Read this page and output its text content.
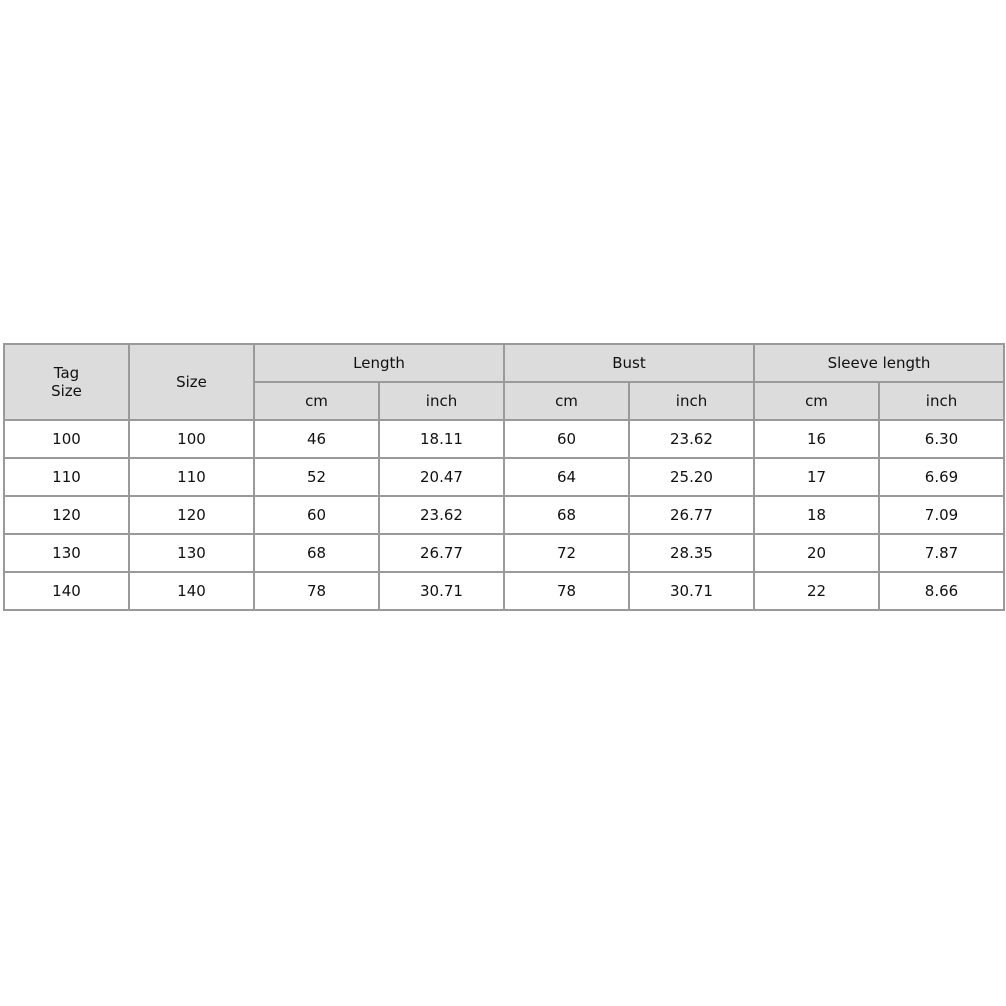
Tag
Size	Size	Length		Bust		Sleeve length	
		cm	inch	cm	inch	cm	inch
100	100	46	18.11	60	23.62	16	6.30
110	110	52	20.47	64	25.20	17	6.69
120	120	60	23.62	68	26.77	18	7.09
130	130	68	26.77	72	28.35	20	7.87
140	140	78	30.71	78	30.71	22	8.66
